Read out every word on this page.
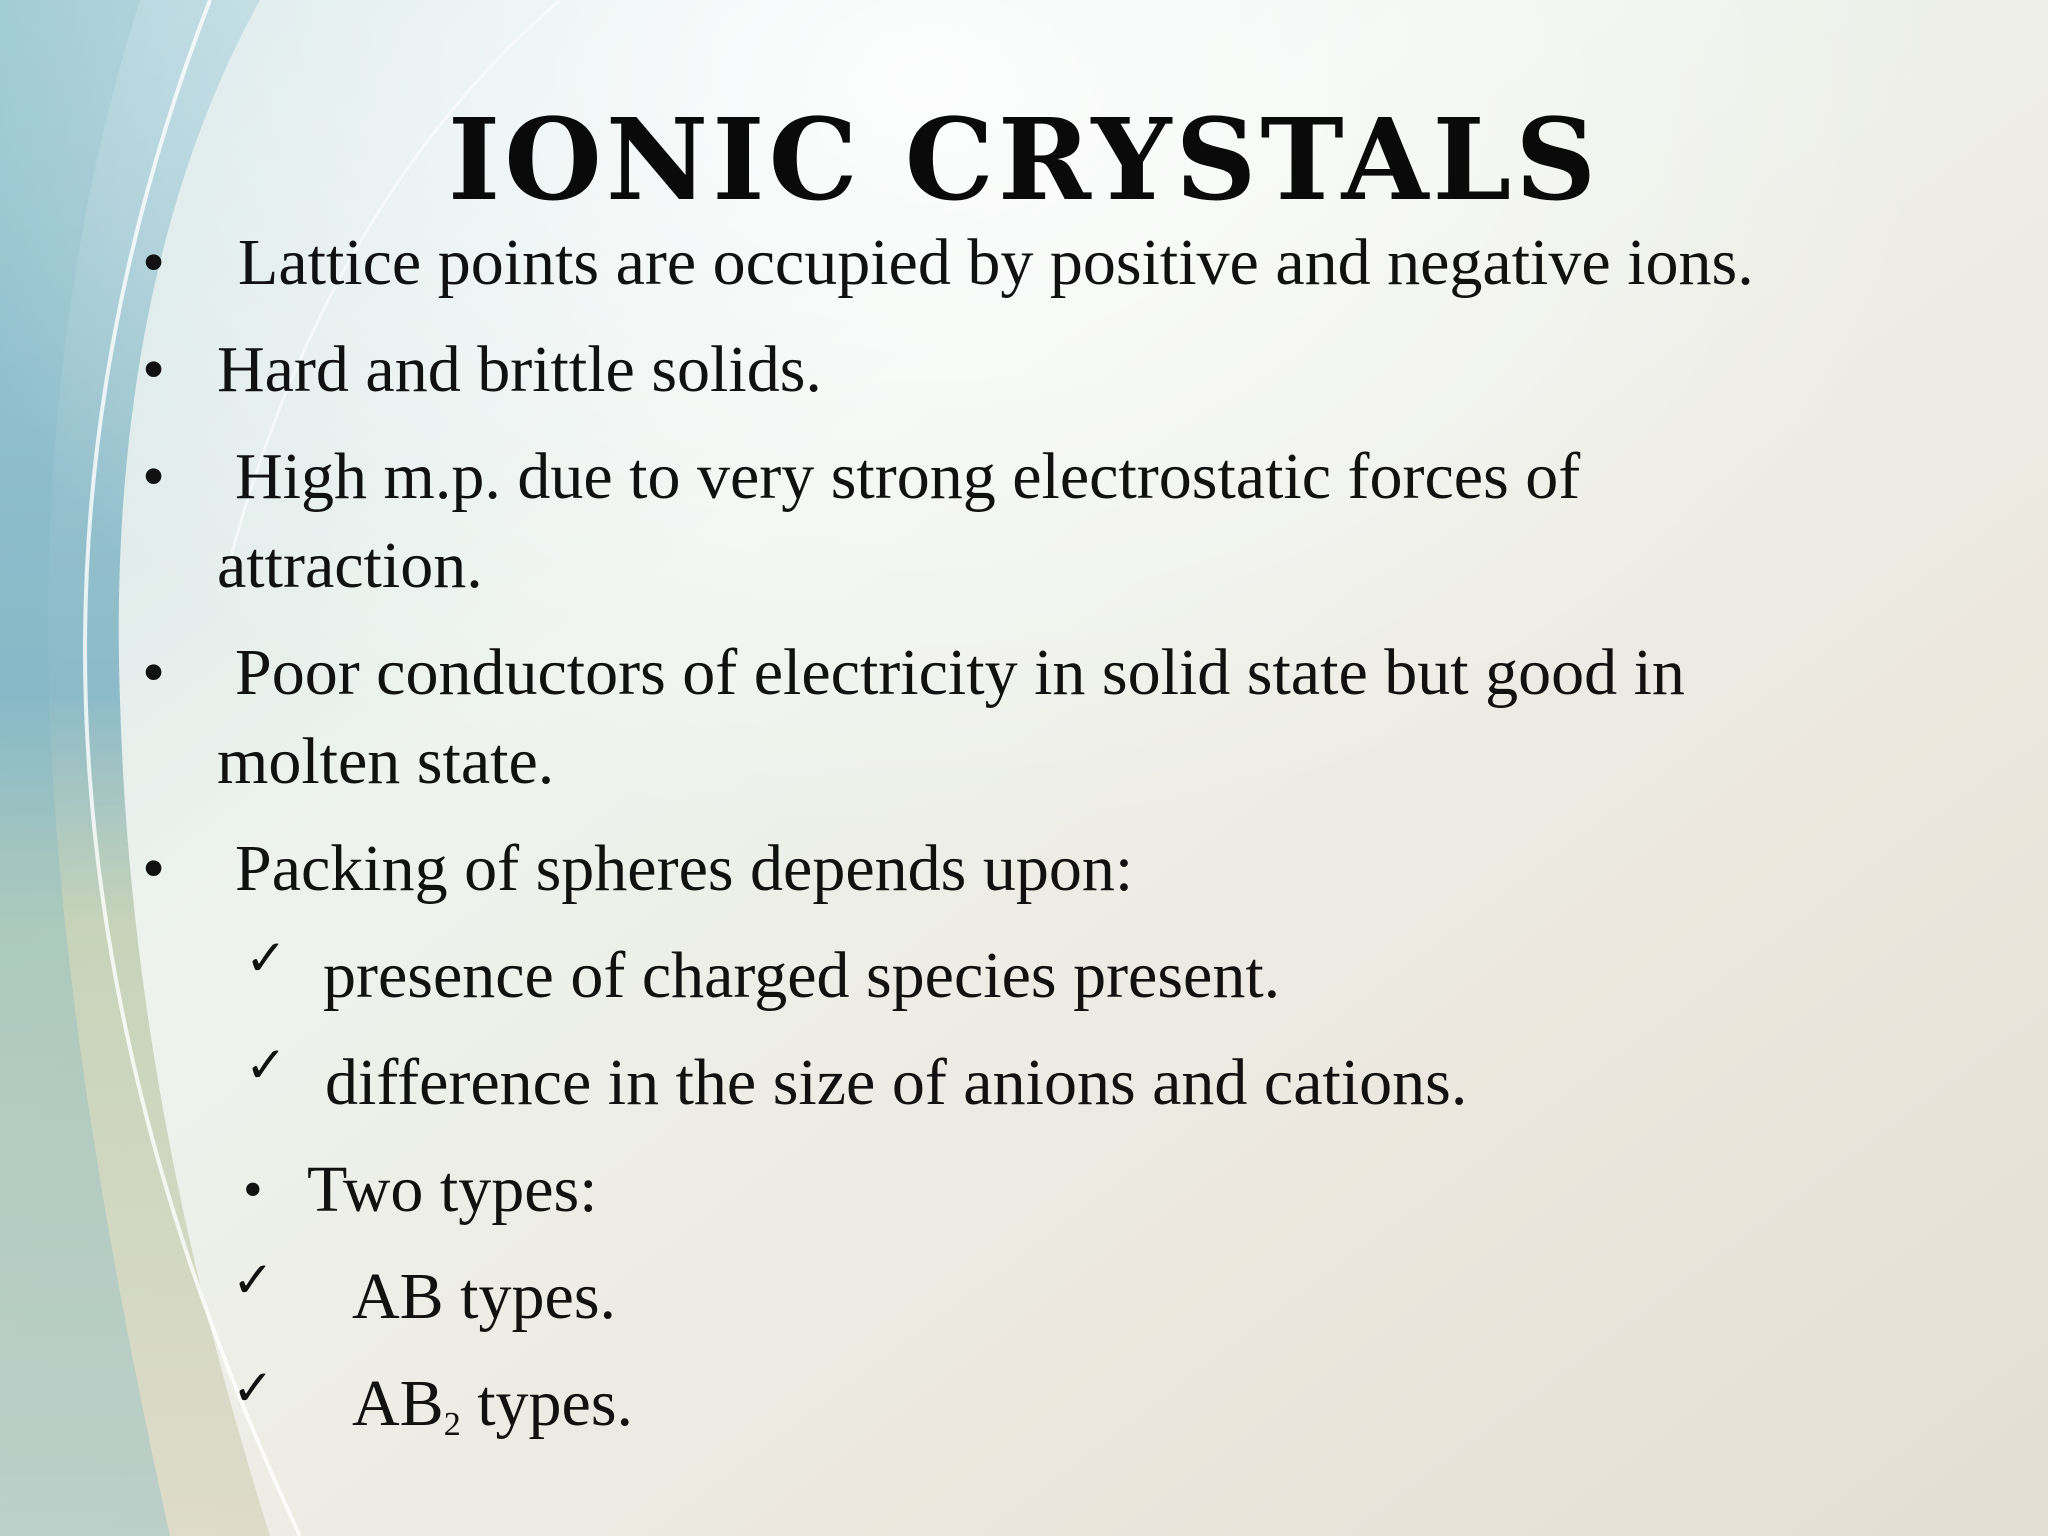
IONIC CRYSTALS
• Lattice points are occupied by positive and negative ions.
• Hard and brittle solids.
• High m.p. due to very strong electrostatic forces of
attraction.
• Poor conductors of electricity in solid state but good in
molten state.
• Packing of spheres depends upon:
✓ presence of charged species present.
✓ difference in the size of anions and cations.
• Two types:
✓ AB types.
✓ $AB_2$ types.
